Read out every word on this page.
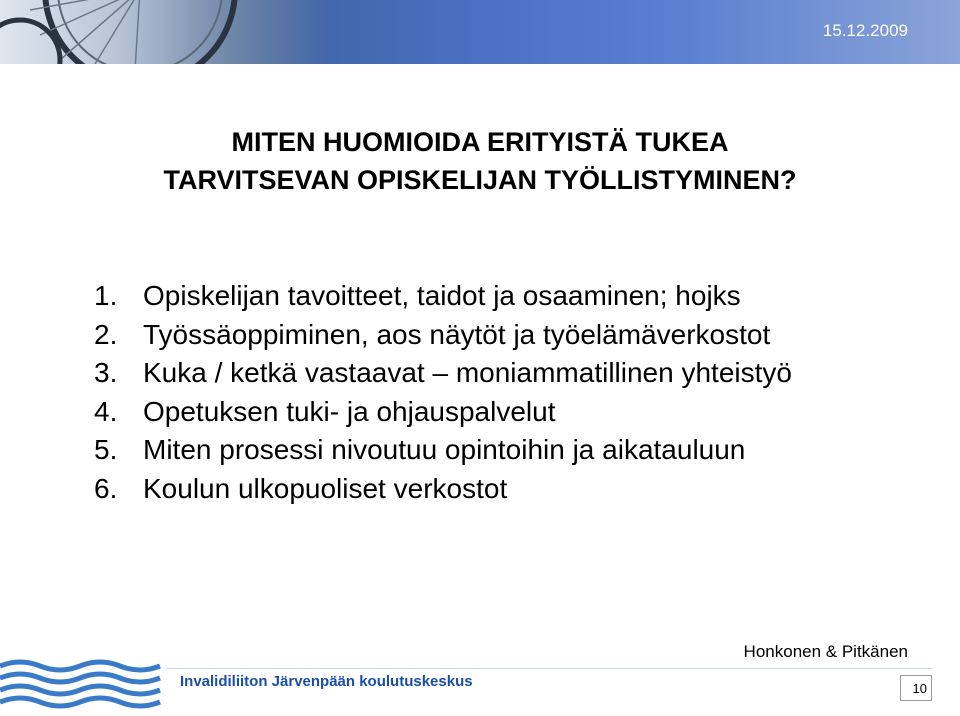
15.12.2009
MITEN HUOMIOIDA ERITYISTÄ TUKEA
TARVITSEVAN OPISKELIJAN TYÖLLISTYMINEN?
1. Opiskelijan tavoitteet, taidot ja osaaminen; hojks
2. Työssäoppiminen, aos näytöt ja työelämäverkostot
3. Kuka / ketkä vastaavat – moniammatillinen yhteistyö
4. Opetuksen tuki- ja ohjauspalvelut
5. Miten prosessi nivoutuu opintoihin ja aikatauluun
6. Koulun ulkopuoliset verkostot
Honkonen & Pitkänen
Invalidiliiton Järvenpään koulutuskeskus	10
